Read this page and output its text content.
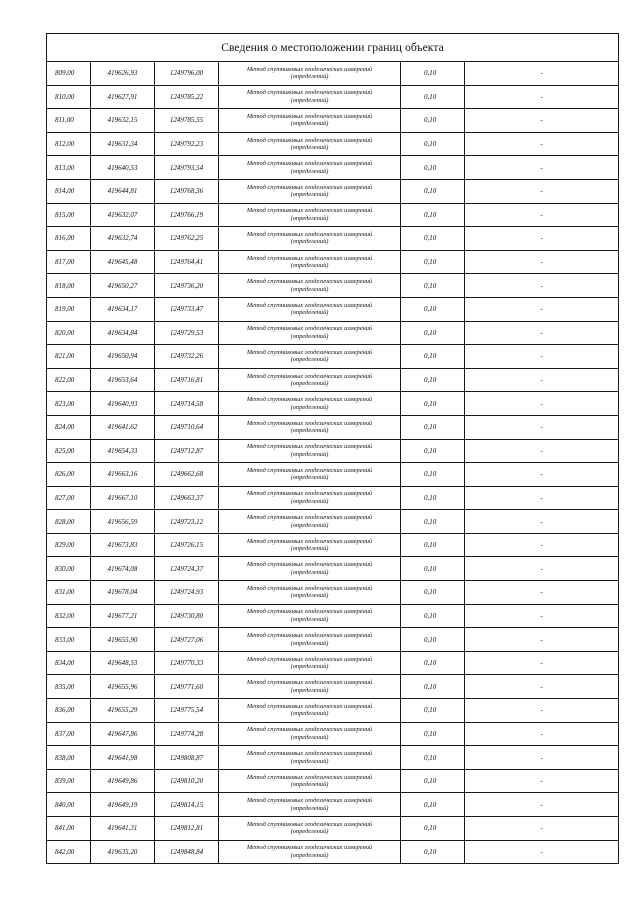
Сведения о местоположении границ объекта					
809,00	419626,93	1249796,00	Метод спутниковых геодезических измерений
(определений)	0,10	-
810,00	419627,91	1249785,22	Метод спутниковых геодезических измерений
(определений)	0,10	-
811,00	419632,15	1249785,55	Метод спутниковых геодезических измерений
(определений)	0,10	-
812,00	419631,34	1249792,23	Метод спутниковых геодезических измерений
(определений)	0,10	-
813,00	419640,53	1249793,54	Метод спутниковых геодезических измерений
(определений)	0,10	-
814,00	419644,81	1249768,36	Метод спутниковых геодезических измерений
(определений)	0,10	-
815,00	419632,07	1249766,19	Метод спутниковых геодезических измерений
(определений)	0,10	-
816,00	419632,74	1249762,25	Метод спутниковых геодезических измерений
(определений)	0,10	-
817,00	419645,48	1249764,41	Метод спутниковых геодезических измерений
(определений)	0,10	-
818,00	419650,27	1249736,20	Метод спутниковых геодезических измерений
(определений)	0,10	-
819,00	419634,17	1249733,47	Метод спутниковых геодезических измерений
(определений)	0,10	-
820,00	419634,84	1249729,53	Метод спутниковых геодезических измерений
(определений)	0,10	-
821,00	419650,94	1249732,26	Метод спутниковых геодезических измерений
(определений)	0,10	-
822,00	419653,64	1249716,81	Метод спутниковых геодезических измерений
(определений)	0,10	-
823,00	419640,93	1249714,58	Метод спутниковых геодезических измерений
(определений)	0,10	-
824,00	419641,62	1249710,64	Метод спутниковых геодезических измерений
(определений)	0,10	-
825,00	419654,33	1249712,87	Метод спутниковых геодезических измерений
(определений)	0,10	-
826,00	419663,16	1249662,68	Метод спутниковых геодезических измерений
(определений)	0,10	-
827,00	419667,10	1249663,37	Метод спутниковых геодезических измерений
(определений)	0,10	-
828,00	419656,59	1249723,12	Метод спутниковых геодезических измерений
(определений)	0,10	-
829,00	419673,83	1249726,15	Метод спутниковых геодезических измерений
(определений)	0,10	-
830,00	419674,08	1249724,37	Метод спутниковых геодезических измерений
(определений)	0,10	-
831,00	419678,04	1249724,93	Метод спутниковых геодезических измерений
(определений)	0,10	-
832,00	419677,21	1249730,80	Метод спутниковых геодезических измерений
(определений)	0,10	-
833,00	419655,90	1249727,06	Метод спутниковых геодезических измерений
(определений)	0,10	-
834,00	419648,53	1249770,33	Метод спутниковых геодезических измерений
(определений)	0,10	-
835,00	419655,96	1249771,60	Метод спутниковых геодезических измерений
(определений)	0,10	-
836,00	419655,29	1249775,54	Метод спутниковых геодезических измерений
(определений)	0,10	-
837,00	419647,86	1249774,28	Метод спутниковых геодезических измерений
(определений)	0,10	-
838,00	419641,98	1249808,87	Метод спутниковых геодезических измерений
(определений)	0,10	-
839,00	419649,86	1249810,20	Метод спутниковых геодезических измерений
(определений)	0,10	-
840,00	419649,19	1249814,15	Метод спутниковых геодезических измерений
(определений)	0,10	-
841,00	419641,31	1249812,81	Метод спутниковых геодезических измерений
(определений)	0,10	-
842,00	419635,20	1249848,84	Метод спутниковых геодезических измерений
(определений)	0,10	-
